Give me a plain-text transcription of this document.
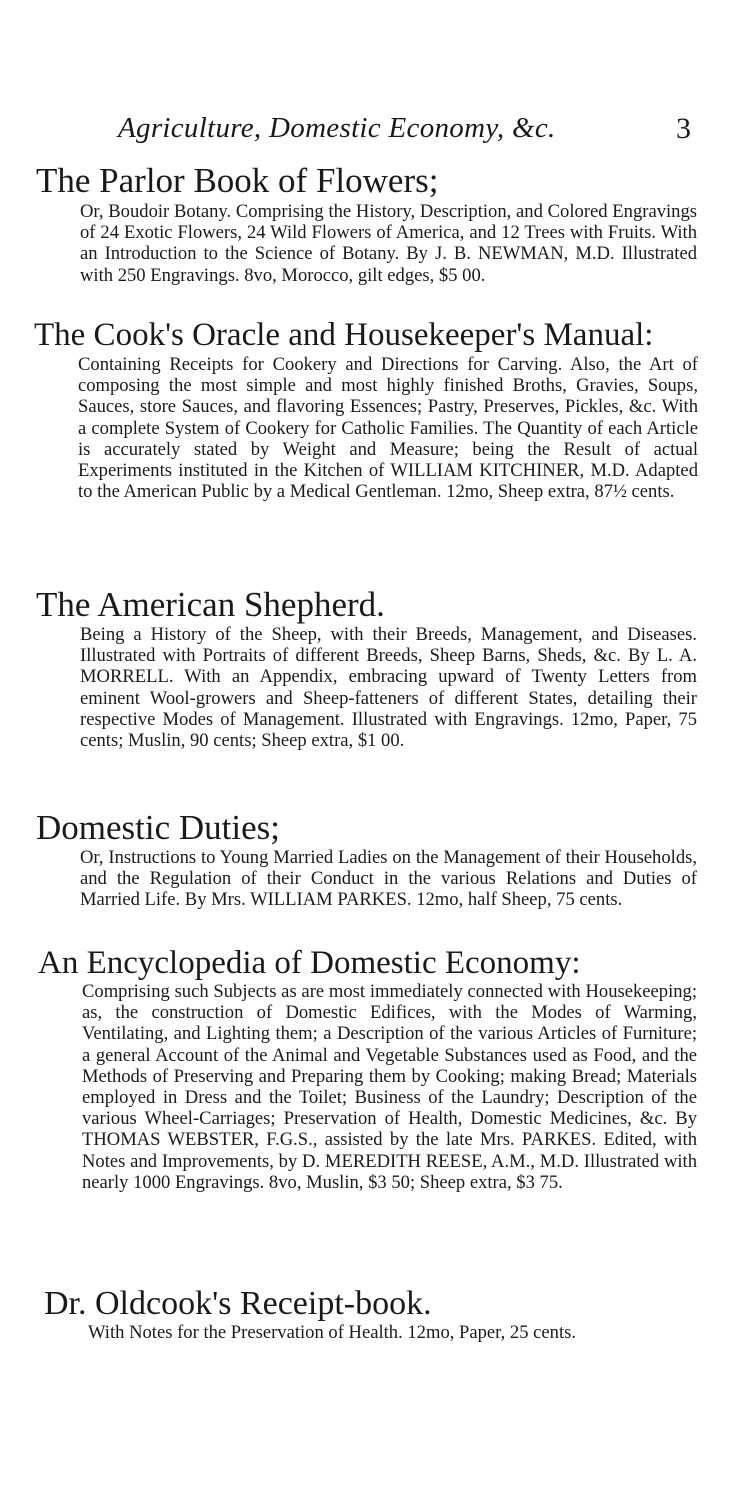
Agriculture, Domestic Economy, &c.	3
The Parlor Book of Flowers;
Or, Boudoir Botany. Comprising the History, Description, and Colored Engravings of 24 Exotic Flowers, 24 Wild Flowers of America, and 12 Trees with Fruits. With an Introduction to the Science of Botany. By J. B. NEWMAN, M.D. Illustrated with 250 Engravings. 8vo, Morocco, gilt edges, $5 00.
The Cook's Oracle and Housekeeper's Manual:
Containing Receipts for Cookery and Directions for Carving. Also, the Art of composing the most simple and most highly finished Broths, Gravies, Soups, Sauces, store Sauces, and flavoring Essences; Pastry, Preserves, Pickles, &c. With a complete System of Cookery for Catholic Families. The Quantity of each Article is accurately stated by Weight and Measure; being the Result of actual Experiments instituted in the Kitchen of WILLIAM KITCHINER, M.D. Adapted to the American Public by a Medical Gentleman. 12mo, Sheep extra, 87½ cents.
The American Shepherd.
Being a History of the Sheep, with their Breeds, Management, and Diseases. Illustrated with Portraits of different Breeds, Sheep Barns, Sheds, &c. By L. A. MORRELL. With an Appendix, embracing upward of Twenty Letters from eminent Wool-growers and Sheep-fatteners of different States, detailing their respective Modes of Management. Illustrated with Engravings. 12mo, Paper, 75 cents; Muslin, 90 cents; Sheep extra, $1 00.
Domestic Duties;
Or, Instructions to Young Married Ladies on the Management of their Households, and the Regulation of their Conduct in the various Relations and Duties of Married Life. By Mrs. WILLIAM PARKES. 12mo, half Sheep, 75 cents.
An Encyclopedia of Domestic Economy:
Comprising such Subjects as are most immediately connected with Housekeeping; as, the construction of Domestic Edifices, with the Modes of Warming, Ventilating, and Lighting them; a Description of the various Articles of Furniture; a general Account of the Animal and Vegetable Substances used as Food, and the Methods of Preserving and Preparing them by Cooking; making Bread; Materials employed in Dress and the Toilet; Business of the Laundry; Description of the various Wheel-Carriages; Preservation of Health, Domestic Medicines, &c. By THOMAS WEBSTER, F.G.S., assisted by the late Mrs. PARKES. Edited, with Notes and Improvements, by D. MEREDITH REESE, A.M., M.D. Illustrated with nearly 1000 Engravings. 8vo, Muslin, $3 50; Sheep extra, $3 75.
Dr. Oldcook's Receipt-book.
With Notes for the Preservation of Health. 12mo, Paper, 25 cents.
